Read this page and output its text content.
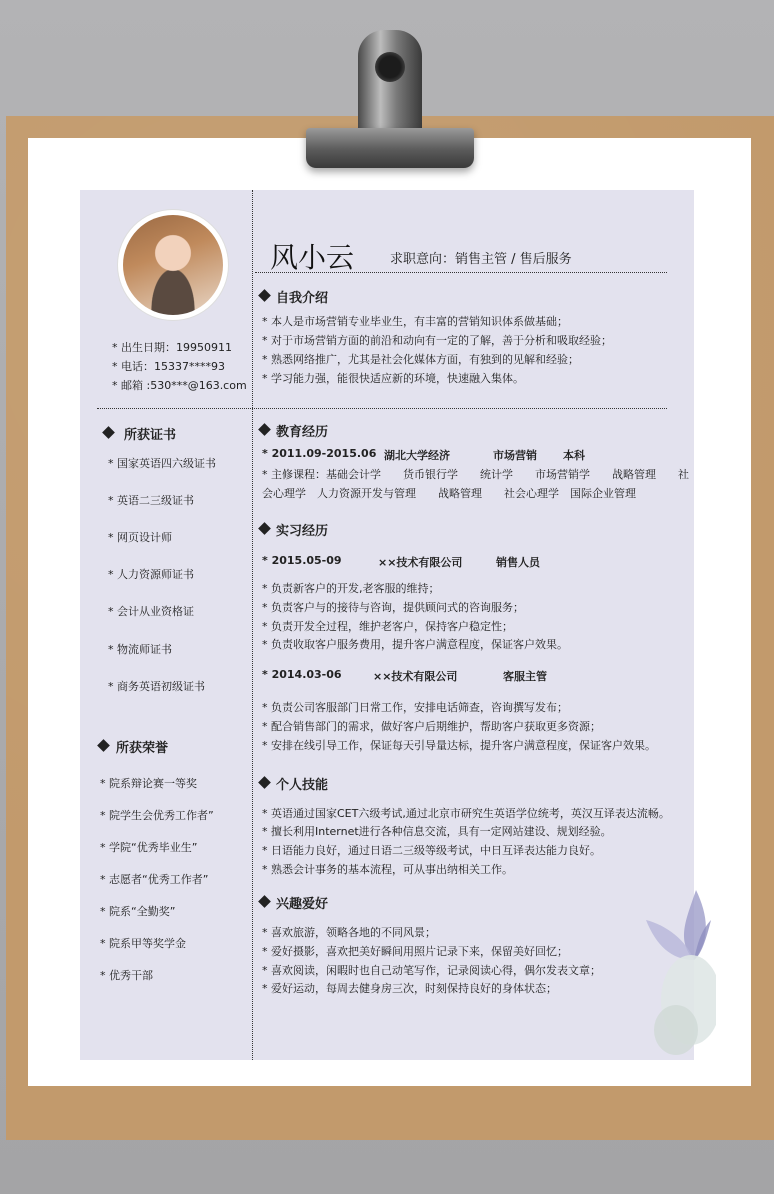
风小云	求职意向：销售主管 / 售后服务
* 出生日期：19950911
* 电话：15337****93
* 邮箱 :530***@163.com
所获证书
* 国家英语四六级证书
* 英语二三级证书
* 网页设计师
* 人力资源师证书
* 会计从业资格证
* 物流师证书
* 商务英语初级证书
所获荣誉
* 院系辩论赛一等奖
* 院学生会优秀工作者”
* 学院“优秀毕业生”
* 志愿者“优秀工作者”
* 院系“全勤奖”
* 院系甲等奖学金
* 优秀干部
自我介绍
* 本人是市场营销专业毕业生，有丰富的营销知识体系做基础；
* 对于市场营销方面的前沿和动向有一定的了解，善于分析和吸取经验；
* 熟悉网络推广，尤其是社会化媒体方面，有独到的见解和经验；
* 学习能力强，能很快适应新的环境，快速融入集体。
教育经历
* 2011.09-2015.06 湖北大学经济	市场营销 本科
* 主修课程：基础会计学　　货币银行学　　统计学　　市场营销学　　战略管理　　社
会心理学　人力资源开发与管理　　战略管理　　社会心理学　国际企业管理
实习经历
* 2015.05-09	××技术有限公司	销售人员
* 负责新客户的开发,老客服的维持；
* 负责客户与的接待与咨询，提供顾问式的咨询服务；
* 负责开发全过程，维护老客户，保持客户稳定性；
* 负责收取客户服务费用，提升客户满意程度，保证客户效果。
* 2014.03-06	××技术有限公司	客服主管
* 负责公司客服部门日常工作，安排电话筛查，咨询撰写发布；
* 配合销售部门的需求，做好客户后期维护，帮助客户获取更多资源；
* 安排在线引导工作，保证每天引导量达标，提升客户满意程度，保证客户效果。
个人技能
* 英语通过国家CET六级考试,通过北京市研究生英语学位统考，英汉互译表达流畅。
* 擅长利用Internet进行各种信息交流，具有一定网站建设、规划经验。
* 日语能力良好，通过日语二三级等级考试，中日互译表达能力良好。
* 熟悉会计事务的基本流程，可从事出纳相关工作。
兴趣爱好
* 喜欢旅游，领略各地的不同风景；
* 爱好摄影，喜欢把美好瞬间用照片记录下来，保留美好回忆；
* 喜欢阅读，闲暇时也自己动笔写作，记录阅读心得，偶尔发表文章；
* 爱好运动，每周去健身房三次，时刻保持良好的身体状态；
